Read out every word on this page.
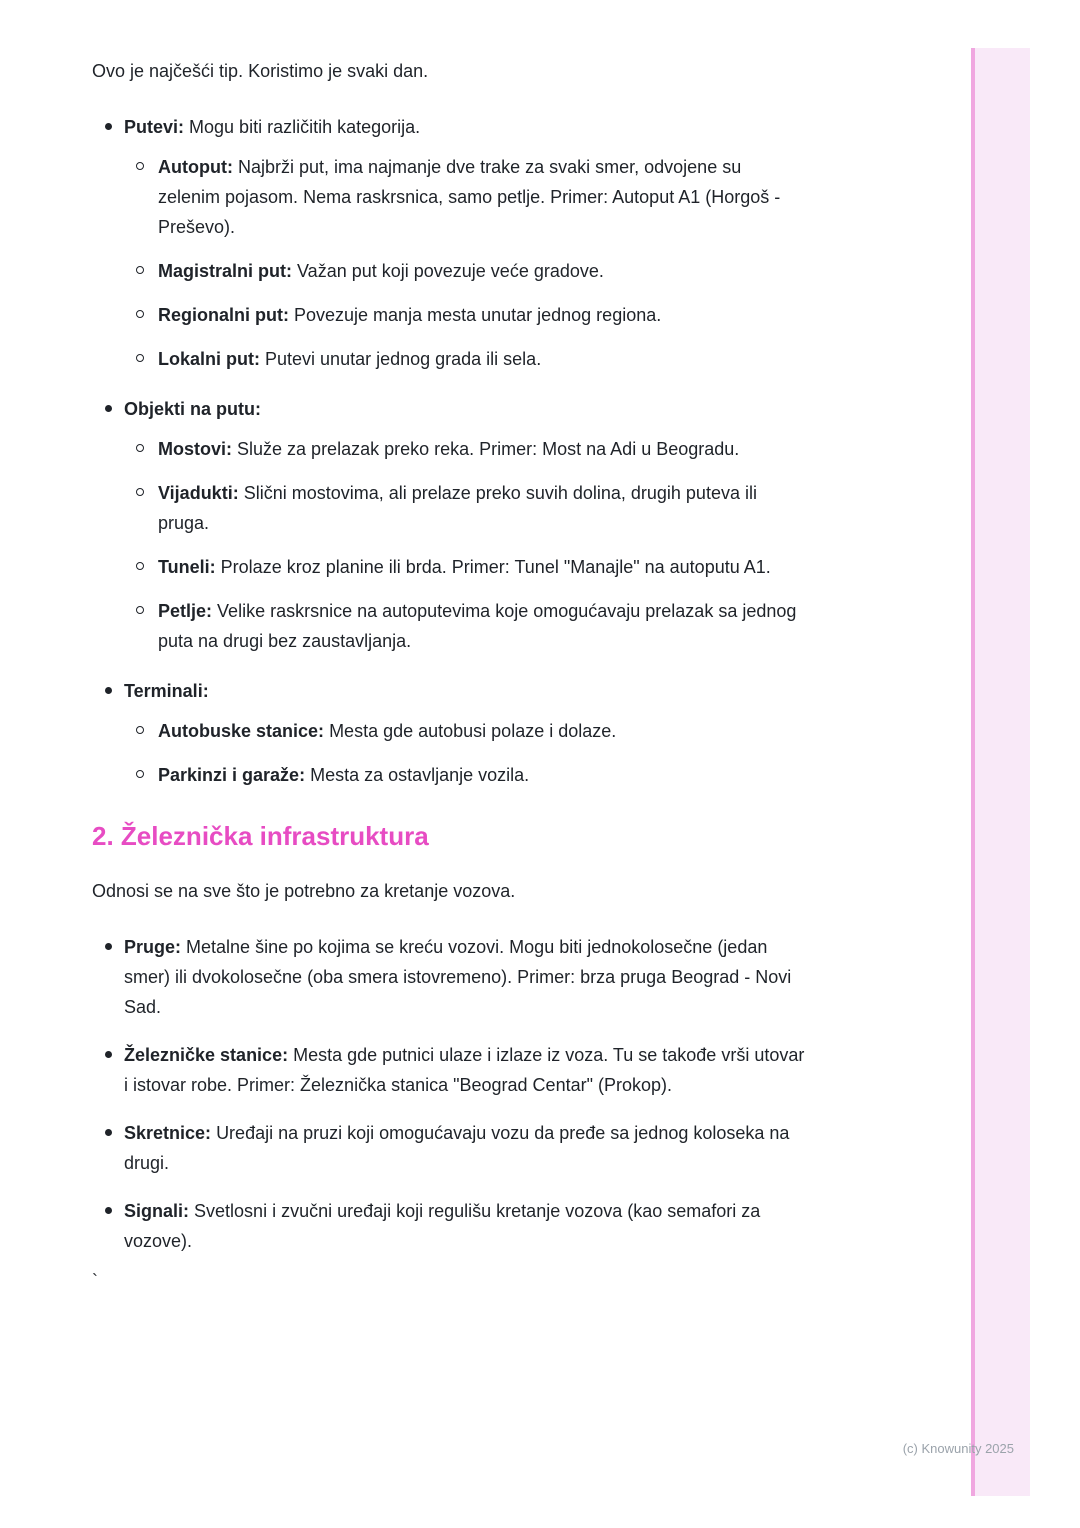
Ovo je najčešći tip. Koristimo je svaki dan.

Putevi: Mogu biti različitih kategorija.

Autoput: Najbrži put, ima najmanje dve trake za svaki smer, odvojene su zelenim pojasom. Nema raskrsnica, samo petlje. Primer: Autoput A1 (Horgoš - Preševo).

Magistralni put: Važan put koji povezuje veće gradove.

Regionalni put: Povezuje manja mesta unutar jednog regiona.

Lokalni put: Putevi unutar jednog grada ili sela.

Objekti na putu:

Mostovi: Služe za prelazak preko reka. Primer: Most na Adi u Beogradu.

Vijadukti: Slični mostovima, ali prelaze preko suvih dolina, drugih puteva ili pruga.

Tuneli: Prolaze kroz planine ili brda. Primer: Tunel "Manajle" na autoputu A1.

Petlje: Velike raskrsnice na autoputevima koje omogućavaju prelazak sa jednog puta na drugi bez zaustavljanja.

Terminali:

Autobuske stanice: Mesta gde autobusi polaze i dolaze.

Parkinzi i garaže: Mesta za ostavljanje vozila.

2. Železnička infrastruktura

Odnosi se na sve što je potrebno za kretanje vozova.

Pruge: Metalne šine po kojima se kreću vozovi. Mogu biti jednokolosečne (jedan smer) ili dvokolosečne (oba smera istovremeno). Primer: brza pruga Beograd - Novi Sad.

Železničke stanice: Mesta gde putnici ulaze i izlaze iz voza. Tu se takođe vrši utovar i istovar robe. Primer: Železnička stanica "Beograd Centar" (Prokop).

Skretnice: Uređaji na pruzi koji omogućavaju vozu da pređe sa jednog koloseka na drugi.

Signali: Svetlosni i zvučni uređaji koji regulišu kretanje vozova (kao semafori za vozove).

`

(c) Knowunity 2025
